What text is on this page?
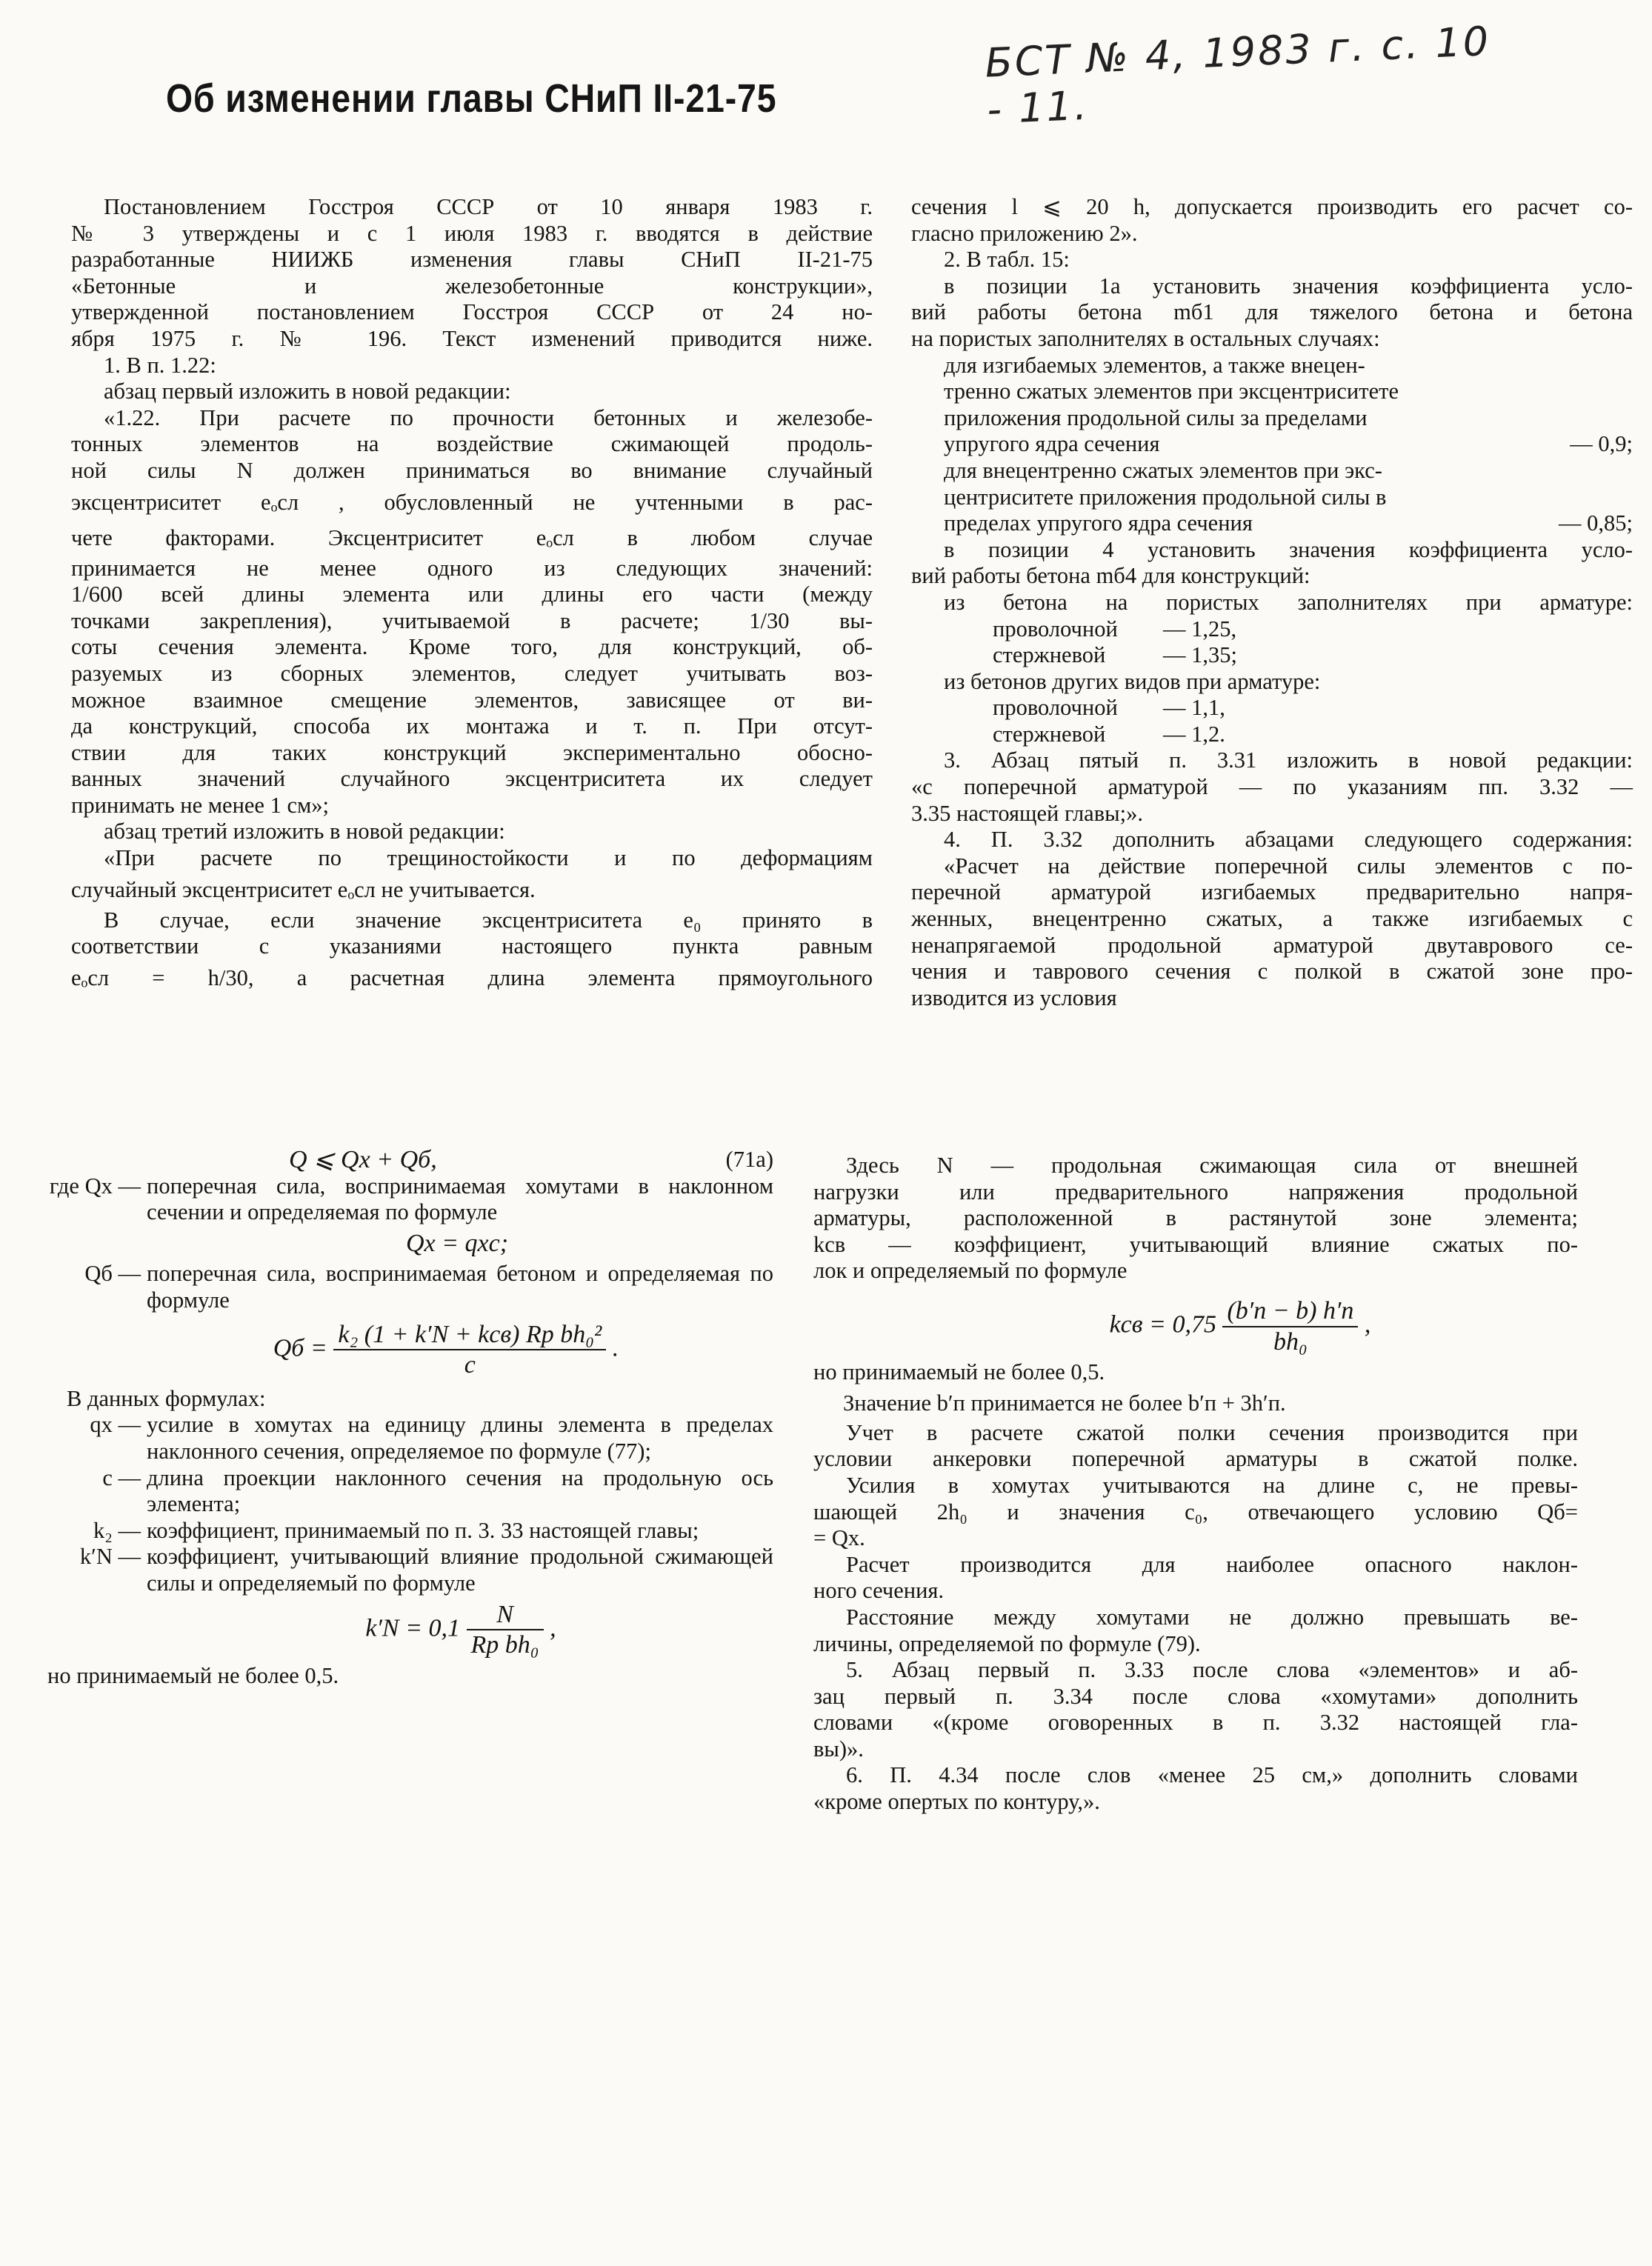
БСТ № 4, 1983 г. с. 10 - 11.
Об изменении главы СНиП II-21-75

Постановлением Госстроя СССР от 10 января 1983 г.

№ 3 утверждены и с 1 июля 1983 г. вводятся в действие

разработанные НИИЖБ изменения главы СНиП II-21-75

«Бетонные и железобетонные конструкции»,

утвержденной постановлением Госстроя СССР от 24 но-

ября 1975 г. № 196. Текст изменений приводится ниже.

1. В п. 1.22:

абзац первый изложить в новой редакции:

«1.22. При расчете по прочности бетонных и железобе-

тонных элементов на воздействие сжимающей продоль-

ной силы N должен приниматься во внимание случайный

эксцентриситет eₒсл , обусловленный не учтенными в рас-

чете факторами. Эксцентриситет eₒсл в любом случае

принимается не менее одного из следующих значений:

1/600 всей длины элемента или длины его части (между

точками закрепления), учитываемой в расчете; 1/30 вы-

соты сечения элемента. Кроме того, для конструкций, об-

разуемых из сборных элементов, следует учитывать воз-

можное взаимное смещение элементов, зависящее от ви-

да конструкций, способа их монтажа и т. п. При отсут-

ствии для таких конструкций экспериментально обосно-

ванных значений случайного эксцентриситета их следует

принимать не менее 1 см»;

абзац третий изложить в новой редакции:

«При расчете по трещиностойкости и по деформациям

случайный эксцентриситет eₒсл не учитывается.

В случае, если значение эксцентриситета e₀ принято в

соответствии с указаниями настоящего пункта равным

eₒсл = h/30, а расчетная длина элемента прямоугольного

сечения l ⩽ 20 h, допускается производить его расчет со-

гласно приложению 2».

2. В табл. 15:

в позиции 1а установить значения коэффициента усло-

вий работы бетона mб1 для тяжелого бетона и бетона

на пористых заполнителях в остальных случаях:

для изгибаемых элементов, а также внецен-

тренно сжатых элементов при эксцентриситете

приложения продольной силы за пределами

упругого ядра сечения	— 0,9;

для внецентренно сжатых элементов при экс-

центриситете приложения продольной силы в

пределах упругого ядра сечения	— 0,85;

в позиции 4 установить значения коэффициента усло-

вий работы бетона mб4 для конструкций:

из бетона на пористых заполнителях при арматуре:

проволочной	— 1,25,
стержневой	— 1,35;

из бетонов других видов при арматуре:

проволочной	— 1,1,
стержневой	— 1,2.

3. Абзац пятый п. 3.31 изложить в новой редакции:

«с поперечной арматурой — по указаниям пп. 3.32 —

3.35 настоящей главы;».

4. П. 3.32 дополнить абзацами следующего содержания:

«Расчет на действие поперечной силы элементов с по-

перечной арматурой изгибаемых предварительно напря-

женных, внецентренно сжатых, а также изгибаемых с

ненапрягаемой продольной арматурой двутаврового се-

чения и таврового сечения с полкой в сжатой зоне про-

изводится из условия

Q ⩽ Qх + Qб,	(71а)
где Qх — поперечная сила, воспринимаемая хомутами в наклонном сечении и определяемая по формуле
Qх = qхc;
Qб — поперечная сила, воспринимаемая бетоном и определяемая по формуле
Qб = $\frac{\text{k₂ (1 + k′N + kсв) Rр bh₀²}}{c}$ .

В данных формулах:

qх — усилие в хомутах на единицу длины элемента в пределах наклонного сечения, определяемое по формуле (77);
c — длина проекции наклонного сечения на продольную ось элемента;
k₂ — коэффициент, принимаемый по п. 3. 33 настоящей главы;
k′N — коэффициент, учитывающий влияние продольной сжимающей силы и определяемый по формуле
$k'N = 0,1 \frac{N}{\text{Rр bh₀}}$ ,

но принимаемый не более 0,5.

Здесь N — продольная сжимающая сила от внешней

нагрузки или предварительного напряжения продольной

арматуры, расположенной в растянутой зоне элемента;

kсв — коэффициент, учитывающий влияние сжатых по-

лок и определяемый по формуле

kсв = $0,75 \frac{(b'п - b) h'п}{\text{bh₀}}$ ,

но принимаемый не более 0,5.

Значение b′п принимается не более b′п + 3h′п.

Учет в расчете сжатой полки сечения производится при

условии анкеровки поперечной арматуры в сжатой полке.

Усилия в хомутах учитываются на длине c, не превы-

шающей 2h₀ и значения c₀, отвечающего условию Qб=

= Qх.

Расчет производится для наиболее опасного наклон-

ного сечения.

Расстояние между хомутами не должно превышать ве-

личины, определяемой по формуле (79).

5. Абзац первый п. 3.33 после слова «элементов» и аб-

зац первый п. 3.34 после слова «хомутами» дополнить

словами «(кроме оговоренных в п. 3.32 настоящей гла-

вы)».

6. П. 4.34 после слов «менее 25 см,» дополнить словами

«кроме опертых по контуру,».
